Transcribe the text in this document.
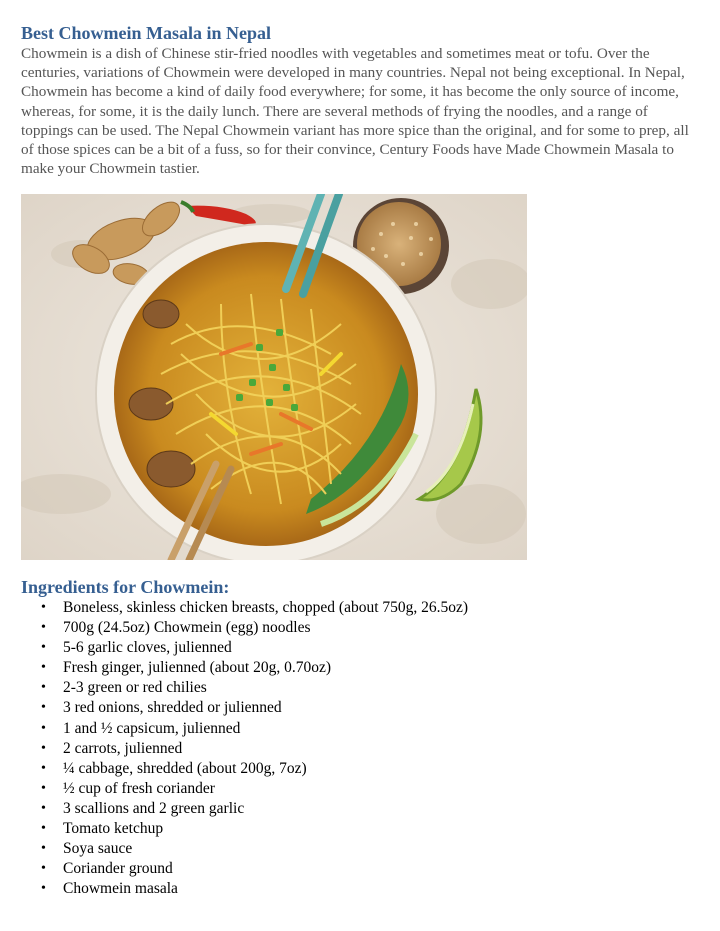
Best Chowmein Masala in Nepal

Chowmein is a dish of Chinese stir-fried noodles with vegetables and sometimes meat or tofu. Over the centuries, variations of Chowmein were developed in many countries. Nepal not being exceptional. In Nepal, Chowmein has become a kind of daily food everywhere; for some, it has become the only source of income, whereas, for some, it is the daily lunch. There are several methods of frying the noodles, and a range of toppings can be used. The Nepal Chowmein variant has more spice than the original, and for some to prep, all of those spices can be a bit of a fuss, so for their convince, Century Foods have Made Chowmein Masala to make your Chowmein tastier.

Ingredients for Chowmein:
•	Boneless, skinless chicken breasts, chopped (about 750g, 26.5oz)
•	700g (24.5oz) Chowmein (egg) noodles
•	5-6 garlic cloves, julienned
•	Fresh ginger, julienned (about 20g, 0.70oz)
•	2-3 green or red chilies
•	3 red onions, shredded or julienned
•	1 and ½ capsicum, julienned
•	2 carrots, julienned
•	¼ cabbage, shredded (about 200g, 7oz)
•	½ cup of fresh coriander
•	3 scallions and 2 green garlic
•	Tomato ketchup
•	Soya sauce
•	Coriander ground
•	Chowmein masala
